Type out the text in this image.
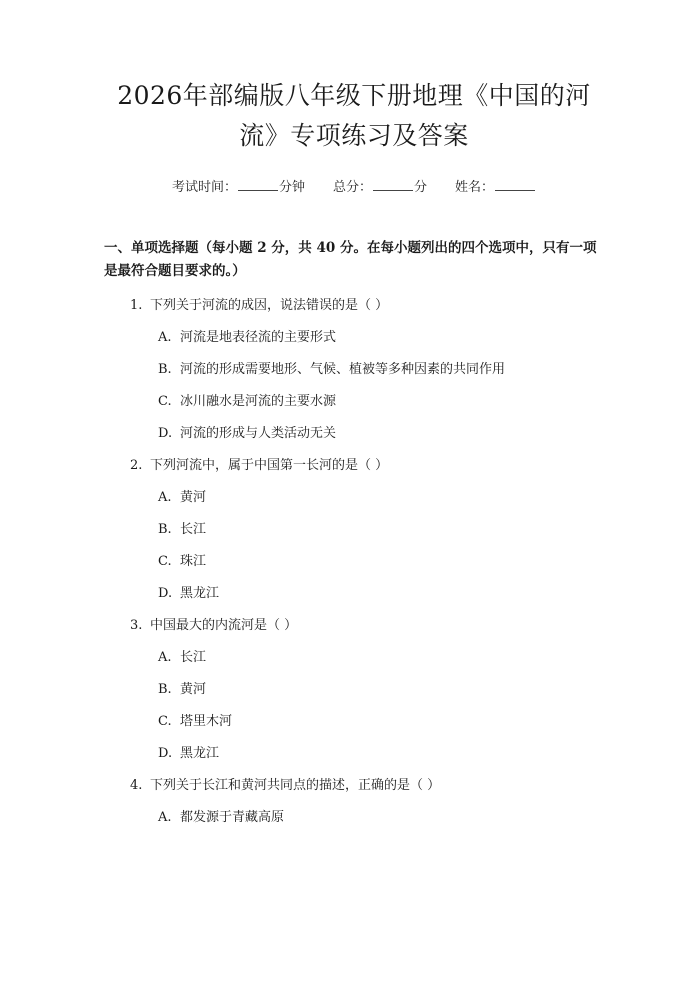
2026年部编版八年级下册地理《中国的河
流》专项练习及答案
考试时间：	分钟 总分：	分 姓名：
一、单项选择题（每小题 2 分，共 40 分。在每小题列出的四个选项中，只有一项
是最符合题目要求的。）
1. 下列关于河流的成因，说法错误的是（ ）
A. 河流是地表径流的主要形式
B. 河流的形成需要地形、气候、植被等多种因素的共同作用
C. 冰川融水是河流的主要水源
D. 河流的形成与人类活动无关
2. 下列河流中，属于中国第一长河的是（ ）
A. 黄河
B. 长江
C. 珠江
D. 黑龙江
3. 中国最大的内流河是（ ）
A. 长江
B. 黄河
C. 塔里木河
D. 黑龙江
4. 下列关于长江和黄河共同点的描述，正确的是（ ）
A. 都发源于青藏高原
